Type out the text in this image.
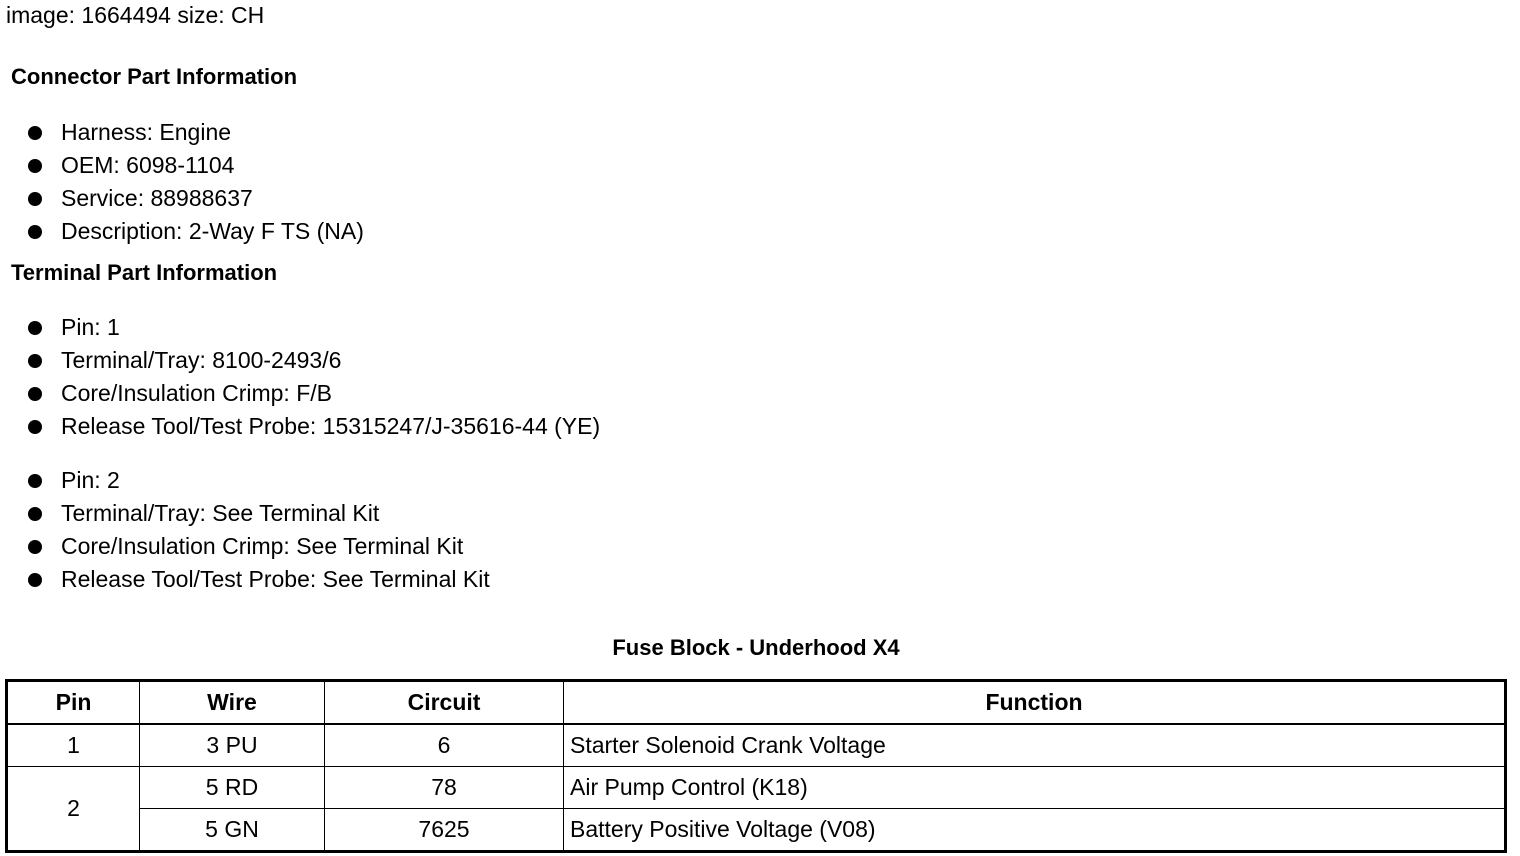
image: 1664494 size: CH
Connector Part Information
Harness: Engine
OEM: 6098-1104
Service: 88988637
Description: 2-Way F TS (NA)
Terminal Part Information
Pin: 1
Terminal/Tray: 8100-2493/6
Core/Insulation Crimp: F/B
Release Tool/Test Probe: 15315247/J-35616-44 (YE)
Pin: 2
Terminal/Tray: See Terminal Kit
Core/Insulation Crimp: See Terminal Kit
Release Tool/Test Probe: See Terminal Kit
Fuse Block - Underhood X4
Pin	Wire	Circuit	Function
1	3 PU	6	Starter Solenoid Crank Voltage
2	5 RD	78	Air Pump Control (K18)
	5 GN	7625	Battery Positive Voltage (V08)
